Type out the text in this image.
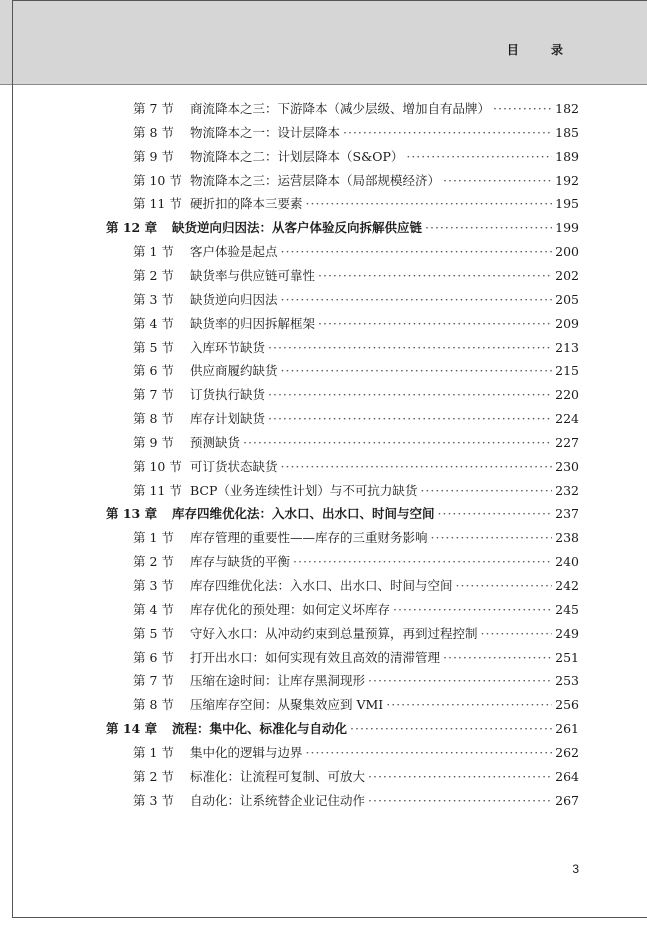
目 录
第 7 节	商流降本之三：下游降本（减少层级、增加自有品牌） ·····	182
第 8 节	物流降本之一：设计层降本 ·····	185
第 9 节	物流降本之二：计划层降本（S&OP） ·····	189
第 10 节 物流降本之三：运营层降本（局部规模经济） ·····	192
第 11 节 硬折扣的降本三要素 ·····	195
第 12 章	缺货逆向归因法：从客户体验反向拆解供应链 ·····	199
第 1 节	客户体验是起点 ·····	200
第 2 节	缺货率与供应链可靠性 ·····	202
第 3 节	缺货逆向归因法 ·····	205
第 4 节	缺货率的归因拆解框架 ·····	209
第 5 节	入库环节缺货 ·····	213
第 6 节	供应商履约缺货 ·····	215
第 7 节	订货执行缺货 ·····	220
第 8 节	库存计划缺货 ·····	224
第 9 节	预测缺货 ·····	227
第 10 节 可订货状态缺货 ·····	230
第 11 节 BCP（业务连续性计划）与不可抗力缺货 ·····	232
第 13 章	库存四维优化法：入水口、出水口、时间与空间 ·····	237
第 1 节	库存管理的重要性——库存的三重财务影响 ·····	238
第 2 节	库存与缺货的平衡 ·····	240
第 3 节	库存四维优化法：入水口、出水口、时间与空间 ·····	242
第 4 节	库存优化的预处理：如何定义坏库存 ·····	245
第 5 节	守好入水口：从冲动约束到总量预算，再到过程控制 ·····	249
第 6 节	打开出水口：如何实现有效且高效的清滞管理 ·····	251
第 7 节	压缩在途时间：让库存黑洞现形 ·····	253
第 8 节	压缩库存空间：从聚集效应到 VMI ·····	256
第 14 章	流程：集中化、标准化与自动化 ·····	261
第 1 节	集中化的逻辑与边界 ·····	262
第 2 节	标准化：让流程可复制、可放大 ·····	264
第 3 节	自动化：让系统替企业记住动作 ·····	267
3
